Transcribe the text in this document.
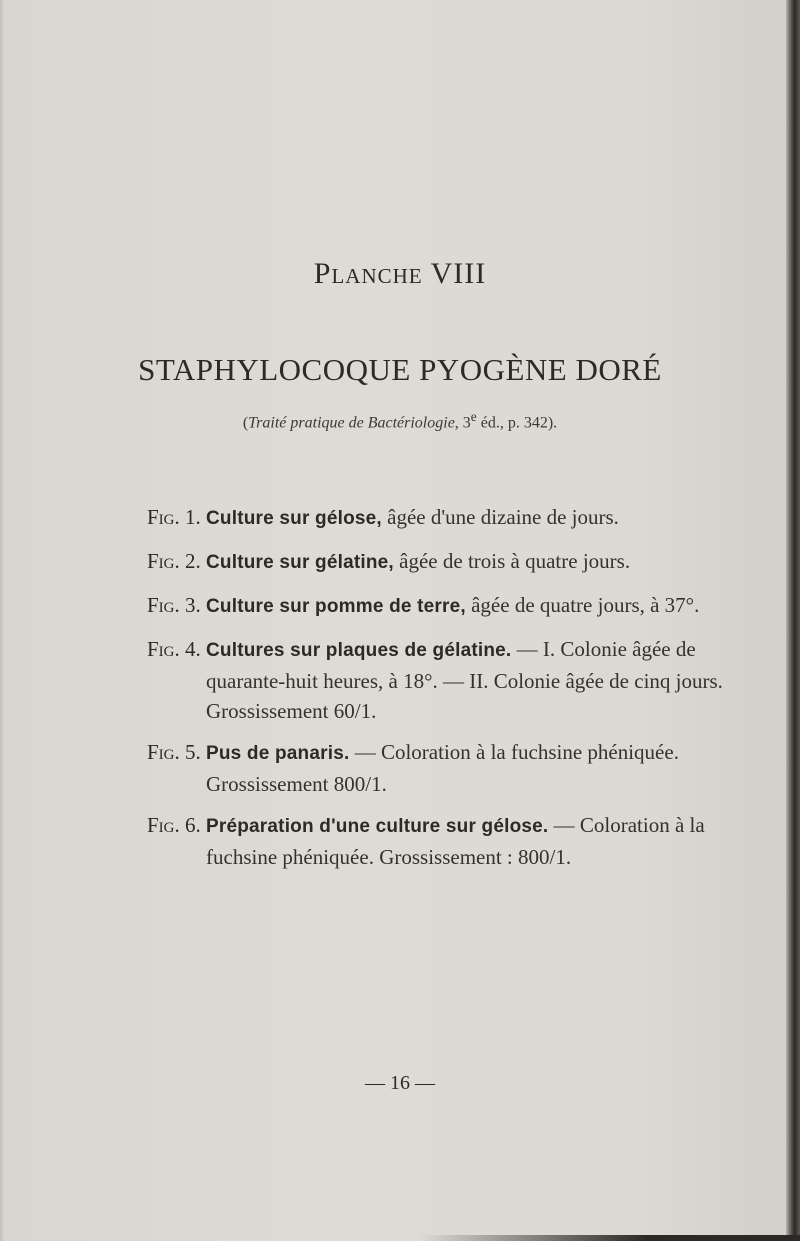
Planche VIII
STAPHYLOCOQUE PYOGÈNE DORÉ
(Traité pratique de Bactériologie, 3e éd., p. 342).
Fig. 1. Culture sur gélose, âgée d'une dizaine de jours.
Fig. 2. Culture sur gélatine, âgée de trois à quatre jours.
Fig. 3. Culture sur pomme de terre, âgée de quatre jours, à 37°.
Fig. 4. Cultures sur plaques de gélatine. — I. Colonie âgée de quarante-huit heures, à 18°. — II. Colonie âgée de cinq jours. Grossissement 60/1.
Fig. 5. Pus de panaris. — Coloration à la fuchsine phéniquée. Grossissement 800/1.
Fig. 6. Préparation d'une culture sur gélose. — Coloration à la fuchsine phéniquée. Grossissement : 800/1.
— 16 —
